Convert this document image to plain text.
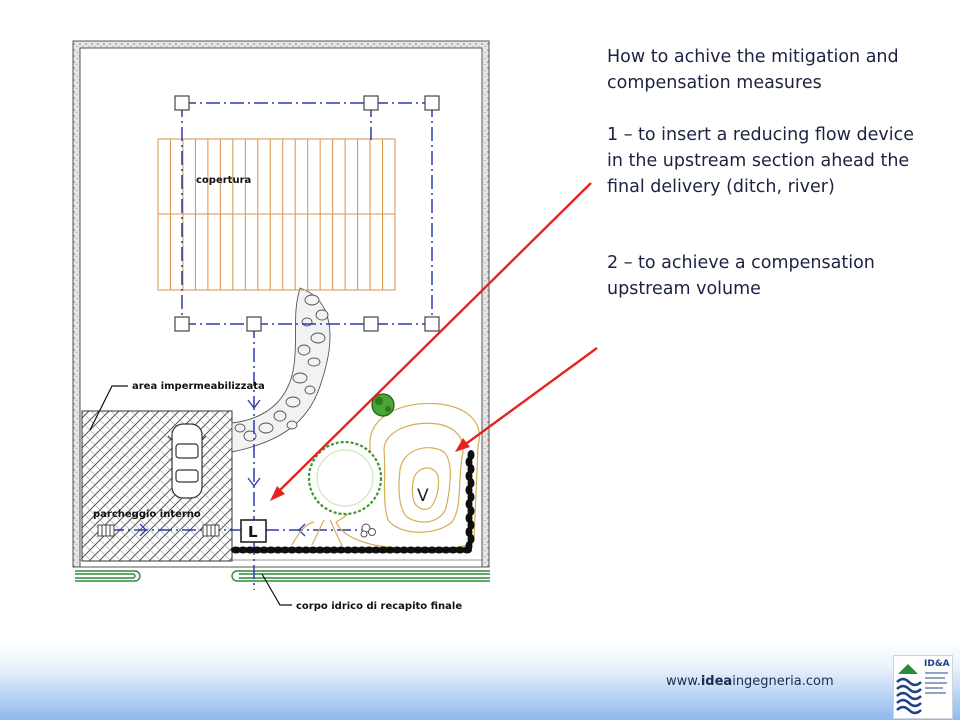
L
V
copertura
area impermeabilizzata
parcheggio interno
corpo idrico di recapito finale

How to achive the mitigation and compensation measures

1 – to insert a reducing flow device in the upstream section ahead the final delivery (ditch, river)

2 – to achieve a compensation upstream volume

www.ideaingegneria.com
ID&A
